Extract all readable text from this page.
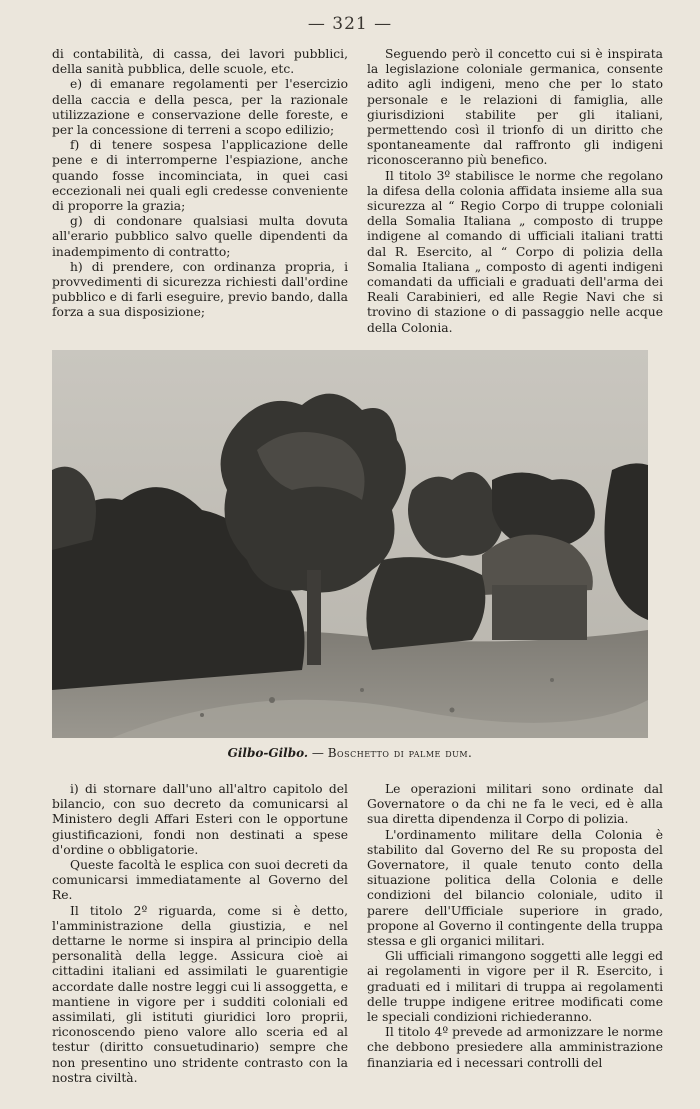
— 321 —

di contabilità, di cassa, dei lavori pubblici, della sanità pubblica, delle scuole, etc.

e) di emanare regolamenti per l'esercizio della caccia e della pesca, per la razionale utilizzazione e conservazione delle foreste, e per la concessione di terreni a scopo edilizio;

f) di tenere sospesa l'applicazione delle pene e di interromperne l'espiazione, anche quando fosse incominciata, in quei casi eccezionali nei quali egli credesse conveniente di proporre la grazia;

g) di condonare qualsiasi multa dovuta all'erario pubblico salvo quelle dipendenti da inadempimento di contratto;

h) di prendere, con ordinanza propria, i provvedimenti di sicurezza richiesti dall'ordine pubblico e di farli eseguire, previo bando, dalla forza a sua disposizione;

Seguendo però il concetto cui si è inspirata la legislazione coloniale germanica, consente adito agli indigeni, meno che per lo stato personale e le relazioni di famiglia, alle giurisdizioni stabilite per gli italiani, permettendo così il trionfo di un diritto che spontaneamente dal raffronto gli indigeni riconosceranno più benefico.

Il titolo 3º stabilisce le norme che regolano la difesa della colonia affidata insieme alla sua sicurezza al “ Regio Corpo di truppe coloniali della Somalia Italiana „ composto di truppe indigene al comando di ufficiali italiani tratti dal R. Esercito, al “ Corpo di polizia della Somalia Italiana „ composto di agenti indigeni comandati da ufficiali e graduati dell'arma dei Reali Carabinieri, ed alle Regie Navi che si trovino di stazione o di passaggio nelle acque della Colonia.

Gilbo-Gilbo. — Boschetto di palme dum.

i) di stornare dall'uno all'altro capitolo del bilancio, con suo decreto da comunicarsi al Ministero degli Affari Esteri con le opportune giustificazioni, fondi non destinati a spese d'ordine o obbligatorie.

Queste facoltà le esplica con suoi decreti da comunicarsi immediatamente al Governo del Re.

Il titolo 2º riguarda, come si è detto, l'amministrazione della giustizia, e nel dettarne le norme si inspira al principio della personalità della legge. Assicura cioè ai cittadini italiani ed assimilati le guarentigie accordate dalle nostre leggi cui li assoggetta, e mantiene in vigore per i sudditi coloniali ed assimilati, gli istituti giuridici loro proprii, riconoscendo pieno valore allo sceria ed al testur (diritto consuetudinario) sempre che non presentino uno stridente contrasto con la nostra civiltà.

Le operazioni militari sono ordinate dal Governatore o da chi ne fa le veci, ed è alla sua diretta dipendenza il Corpo di polizia.

L'ordinamento militare della Colonia è stabilito dal Governo del Re su proposta del Governatore, il quale tenuto conto della situazione politica della Colonia e delle condizioni del bilancio coloniale, udito il parere dell'Ufficiale superiore in grado, propone al Governo il contingente della truppa stessa e gli organici militari.

Gli ufficiali rimangono soggetti alle leggi ed ai regolamenti in vigore per il R. Esercito, i graduati ed i militari di truppa ai regolamenti delle truppe indigene eritree modificati come le speciali condizioni richiederanno.

Il titolo 4º prevede ad armonizzare le norme che debbono presiedere alla amministrazione finanziaria ed i necessari controlli del
